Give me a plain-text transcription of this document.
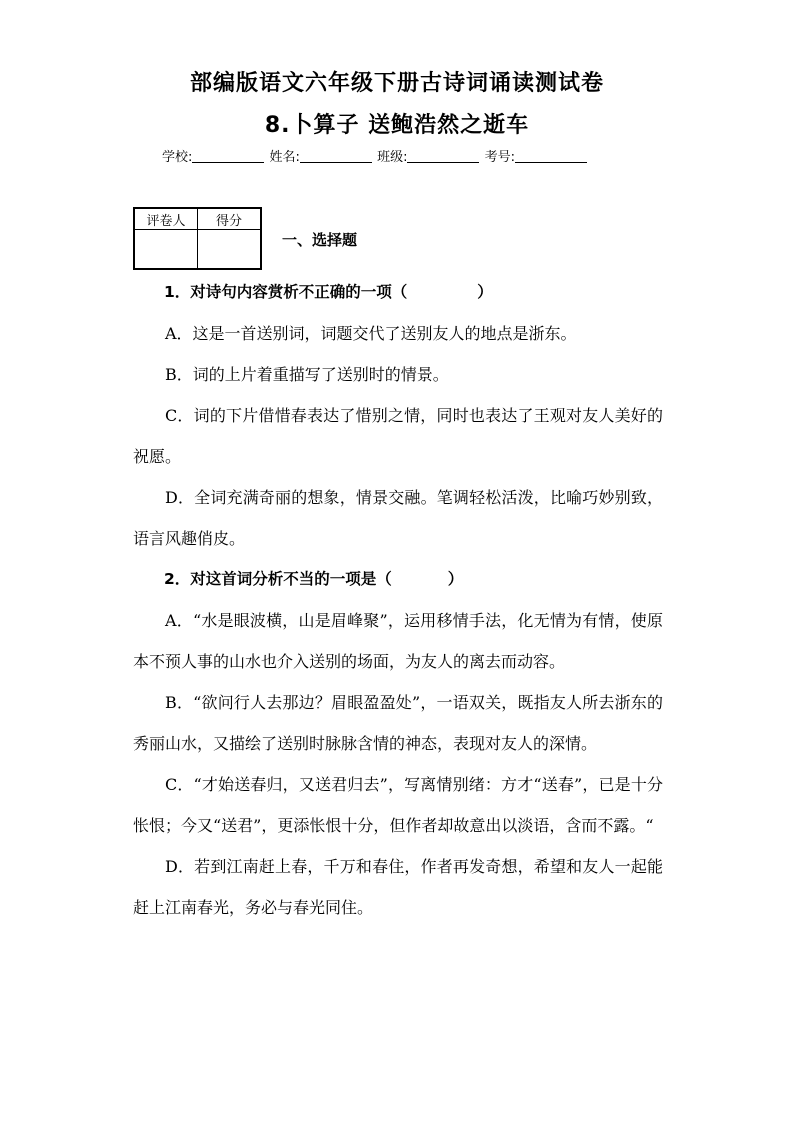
部编版语文六年级下册古诗词诵读测试卷
8.卜算子 送鲍浩然之逝车
学校:	姓名:	班级:	考号:
评卷人	得分

一、选择题

1．对诗句内容赏析不正确的一项（	）

A．这是一首送别词，词题交代了送别友人的地点是浙东。

B．词的上片着重描写了送别时的情景。

C．词的下片借惜春表达了惜别之情，同时也表达了王观对友人美好的祝愿。

D．全词充满奇丽的想象，情景交融。笔调轻松活泼，比喻巧妙别致，语言风趣俏皮。

2．对这首词分析不当的一项是（	）

A．“水是眼波横，山是眉峰聚”，运用移情手法，化无情为有情，使原本不预人事的山水也介入送别的场面，为友人的离去而动容。

B．“欲问行人去那边？眉眼盈盈处”，一语双关，既指友人所去浙东的秀丽山水，又描绘了送别时脉脉含情的神态，表现对友人的深情。

C．“才始送春归，又送君归去”，写离情别绪：方才“送春”，已是十分怅恨；今又“送君”，更添怅恨十分，但作者却故意出以淡语，含而不露。“

D．若到江南赶上春，千万和春住，作者再发奇想，希望和友人一起能赶上江南春光，务必与春光同住。
